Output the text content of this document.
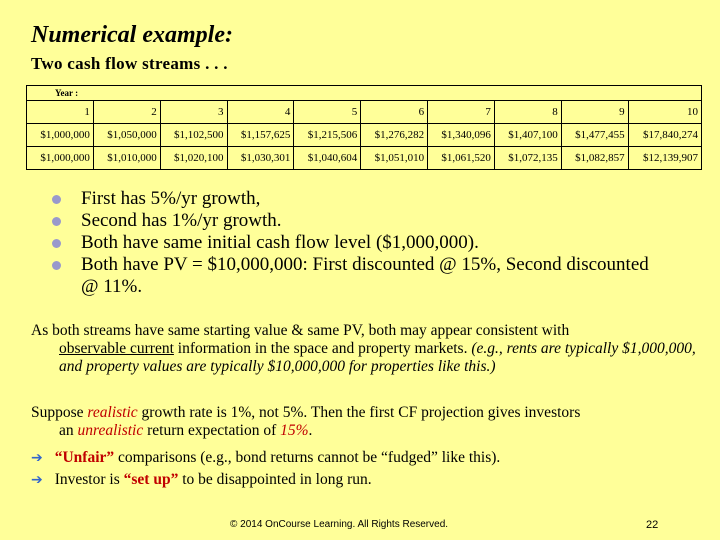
Numerical example:
Two cash flow streams . . .
Year :									
1	2	3	4	5	6	7	8	9	10
$1,000,000	$1,050,000	$1,102,500	$1,157,625	$1,215,506	$1,276,282	$1,340,096	$1,407,100	$1,477,455	$17,840,274
$1,000,000	$1,010,000	$1,020,100	$1,030,301	$1,040,604	$1,051,010	$1,061,520	$1,072,135	$1,082,857	$12,139,907
First has 5%/yr growth,
Second has 1%/yr growth.
Both have same initial cash flow level ($1,000,000).
Both have PV = $10,000,000: First discounted @ 15%, Second discounted @ 11%.
As both streams have same starting value & same PV, both may appear consistent with
observable current information in the space and property markets. (e.g., rents are typically $1,000,000, and property values are typically $10,000,000 for properties like this.)
Suppose realistic growth rate is 1%, not 5%. Then the first CF projection gives investors
an unrealistic return expectation of 15%.
➔ “Unfair” comparisons (e.g., bond returns cannot be “fudged” like this).
➔ Investor is “set up” to be disappointed in long run.
© 2014 OnCourse Learning. All Rights Reserved.	22
